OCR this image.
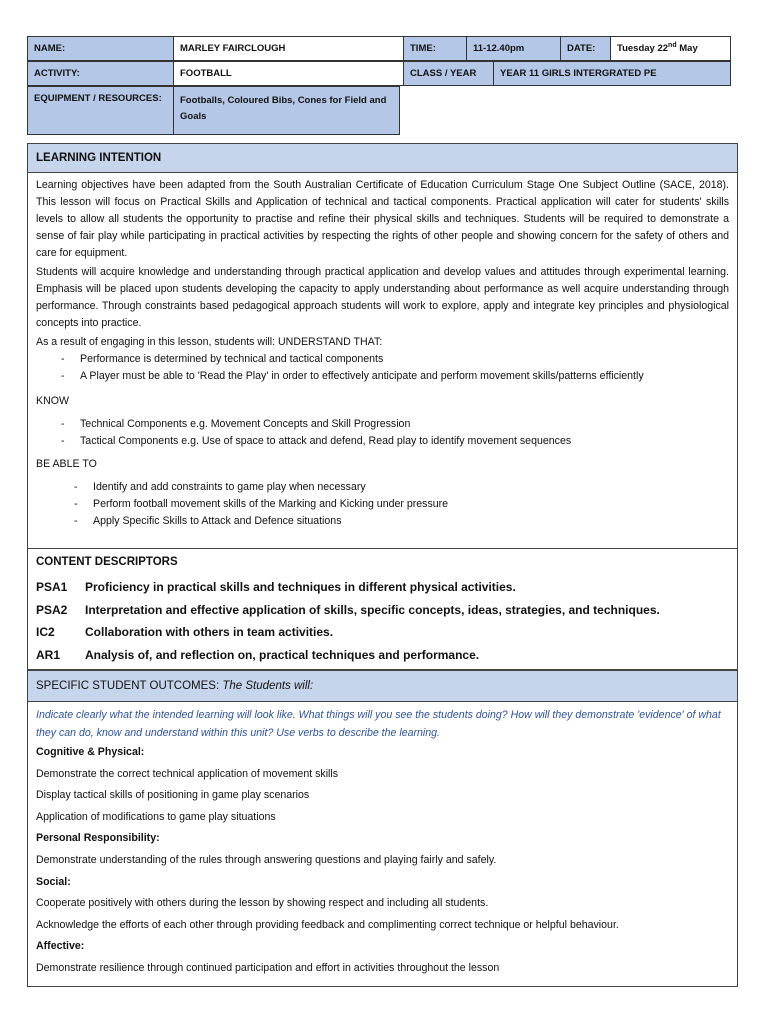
NAME:	MARLEY FAIRCLOUGH	TIME:	11-12.40pm	DATE:	Tuesday 22nd May
ACTIVITY:	FOOTBALL	CLASS / YEAR	YEAR 11 GIRLS INTERGRATED PE
EQUIPMENT / RESOURCES:	Footballs, Coloured Bibs, Cones for Field and Goals
LEARNING INTENTION

Learning objectives have been adapted from the South Australian Certificate of Education Curriculum Stage One Subject Outline (SACE, 2018). This lesson will focus on Practical Skills and Application of technical and tactical components. Practical application will cater for students' skills levels to allow all students the opportunity to practise and refine their physical skills and techniques. Students will be required to demonstrate a sense of fair play while participating in practical activities by respecting the rights of other people and showing concern for the safety of others and care for equipment.

Students will acquire knowledge and understanding through practical application and develop values and attitudes through experimental learning. Emphasis will be placed upon students developing the capacity to apply understanding about performance as well acquire understanding through performance. Through constraints based pedagogical approach students will work to explore, apply and integrate key principles and physiological concepts into practice.

As a result of engaging in this lesson, students will: UNDERSTAND THAT:
- Performance is determined by technical and tactical components
- A Player must be able to 'Read the Play' in order to effectively anticipate and perform movement skills/patterns efficiently
KNOW
- Technical Components e.g. Movement Concepts and Skill Progression
- Tactical Components e.g. Use of space to attack and defend, Read play to identify movement sequences
BE ABLE TO
- Identify and add constraints to game play when necessary
- Perform football movement skills of the Marking and Kicking under pressure
- Apply Specific Skills to Attack and Defence situations
CONTENT DESCRIPTORS
PSA1	Proficiency in practical skills and techniques in different physical activities.
PSA2	Interpretation and effective application of skills, specific concepts, ideas, strategies, and techniques.
IC2	Collaboration with others in team activities.
AR1	Analysis of, and reflection on, practical techniques and performance.
SPECIFIC STUDENT OUTCOMES: The Students will:
Indicate clearly what the intended learning will look like. What things will you see the students doing? How will they demonstrate 'evidence' of what they can do, know and understand within this unit? Use verbs to describe the learning.
Cognitive & Physical:
Demonstrate the correct technical application of movement skills
Display tactical skills of positioning in game play scenarios
Application of modifications to game play situations
Personal Responsibility:
Demonstrate understanding of the rules through answering questions and playing fairly and safely.
Social:
Cooperate positively with others during the lesson by showing respect and including all students.
Acknowledge the efforts of each other through providing feedback and complimenting correct technique or helpful behaviour.
Affective:
Demonstrate resilience through continued participation and effort in activities throughout the lesson
